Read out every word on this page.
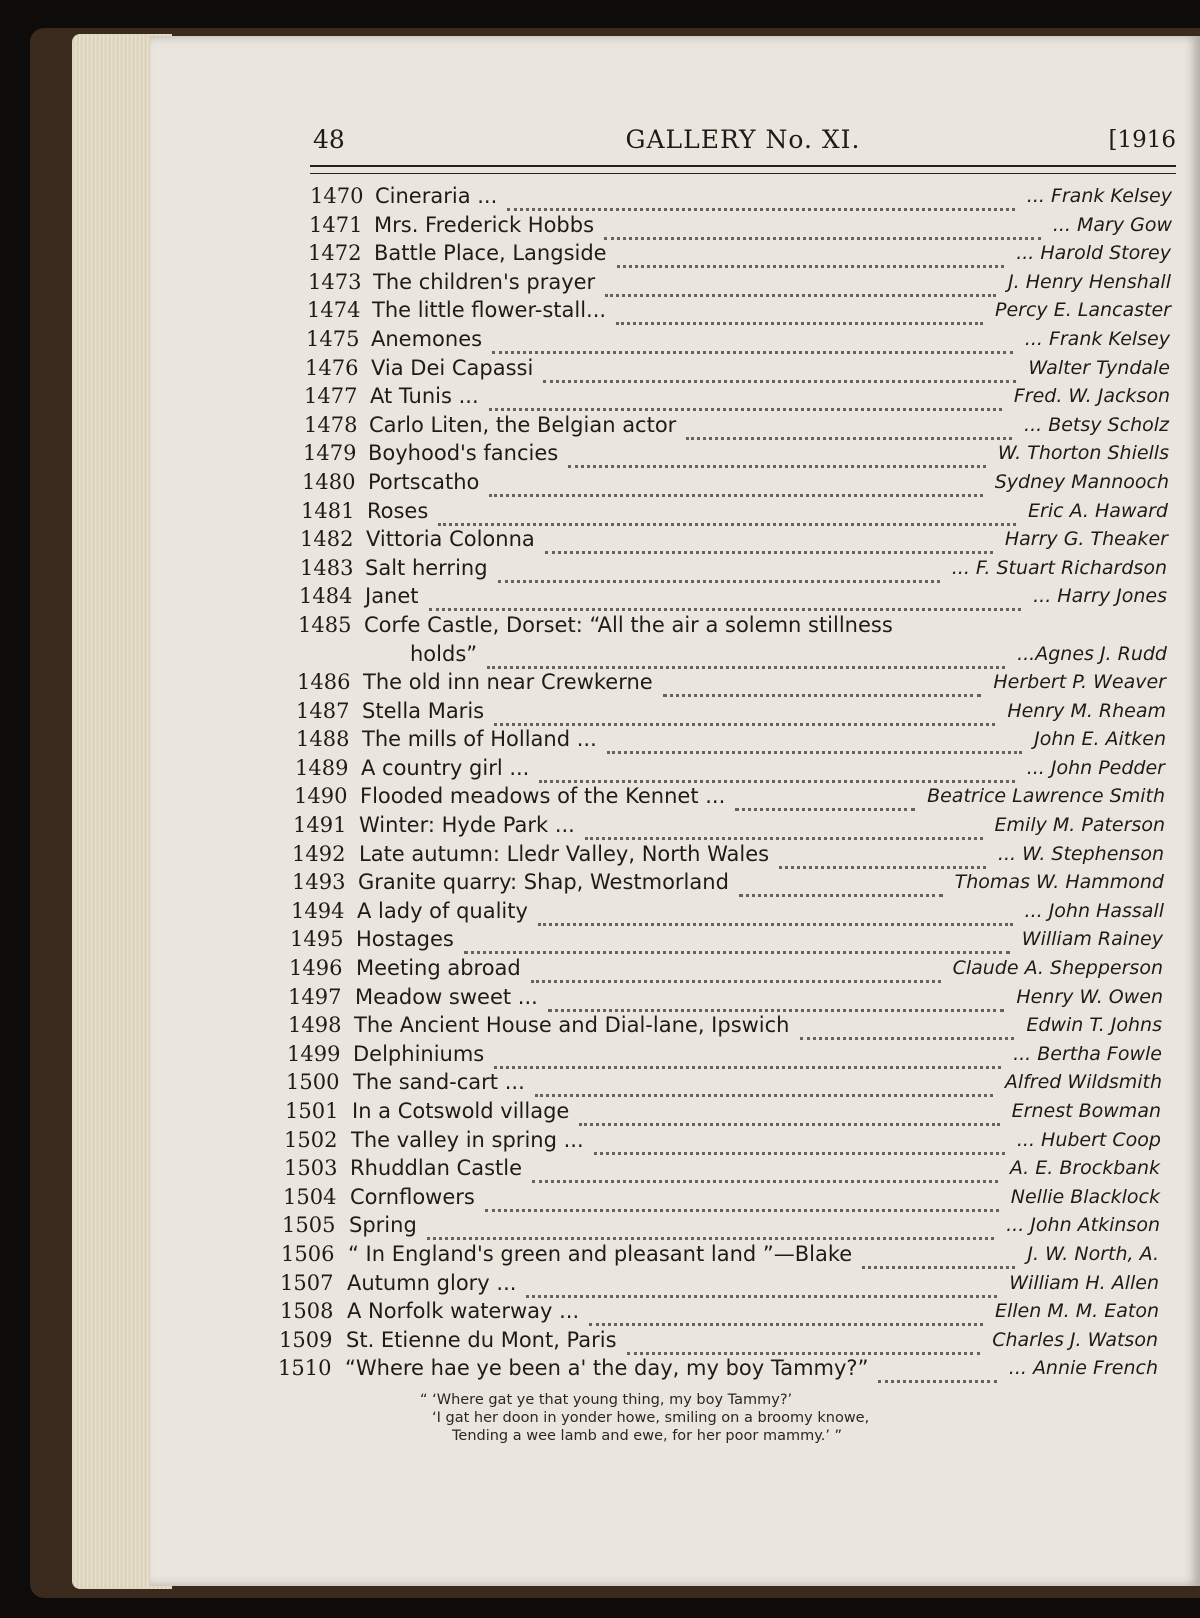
48	GALLERY No. XI.	[1916
1470 Cineraria ...	... Frank Kelsey
1471 Mrs. Frederick Hobbs	... Mary Gow
1472 Battle Place, Langside	... Harold Storey
1473 The children's prayer	J. Henry Henshall
1474 The little flower-stall...	Percy E. Lancaster
1475 Anemones	... Frank Kelsey
1476 Via Dei Capassi	Walter Tyndale
1477 At Tunis ...	Fred. W. Jackson
1478 Carlo Liten, the Belgian actor	... Betsy Scholz
1479 Boyhood's fancies	W. Thorton Shiells
1480 Portscatho	Sydney Mannooch
1481 Roses	Eric A. Haward
1482 Vittoria Colonna	Harry G. Theaker
1483 Salt herring	... F. Stuart Richardson
1484 Janet	... Harry Jones
1485 Corfe Castle, Dorset: “All the air a solemn stillness
holds”	...Agnes J. Rudd
1486 The old inn near Crewkerne	Herbert P. Weaver
1487 Stella Maris	Henry M. Rheam
1488 The mills of Holland ...	John E. Aitken
1489 A country girl ...	... John Pedder
1490 Flooded meadows of the Kennet ...	Beatrice Lawrence Smith
1491 Winter: Hyde Park ...	Emily M. Paterson
1492 Late autumn: Lledr Valley, North Wales	... W. Stephenson
1493 Granite quarry: Shap, Westmorland	Thomas W. Hammond
1494 A lady of quality	... John Hassall
1495 Hostages	William Rainey
1496 Meeting abroad	Claude A. Shepperson
1497 Meadow sweet ...	Henry W. Owen
1498 The Ancient House and Dial-lane, Ipswich	Edwin T. Johns
1499 Delphiniums	... Bertha Fowle
1500 The sand-cart ...	Alfred Wildsmith
1501 In a Cotswold village	Ernest Bowman
1502 The valley in spring ...	... Hubert Coop
1503 Rhuddlan Castle	A. E. Brockbank
1504 Cornflowers	Nellie Blacklock
1505 Spring	... John Atkinson
1506 “ In England's green and pleasant land ”—Blake	J. W. North, A.
1507 Autumn glory ...	William H. Allen
1508 A Norfolk waterway ...	Ellen M. M. Eaton
1509 St. Etienne du Mont, Paris	Charles J. Watson
1510 “Where hae ye been a' the day, my boy Tammy?”	... Annie French
“ ‘Where gat ye that young thing, my boy Tammy?’
‘I gat her doon in yonder howe, smiling on a broomy knowe,
Tending a wee lamb and ewe, for her poor mammy.’ ”
